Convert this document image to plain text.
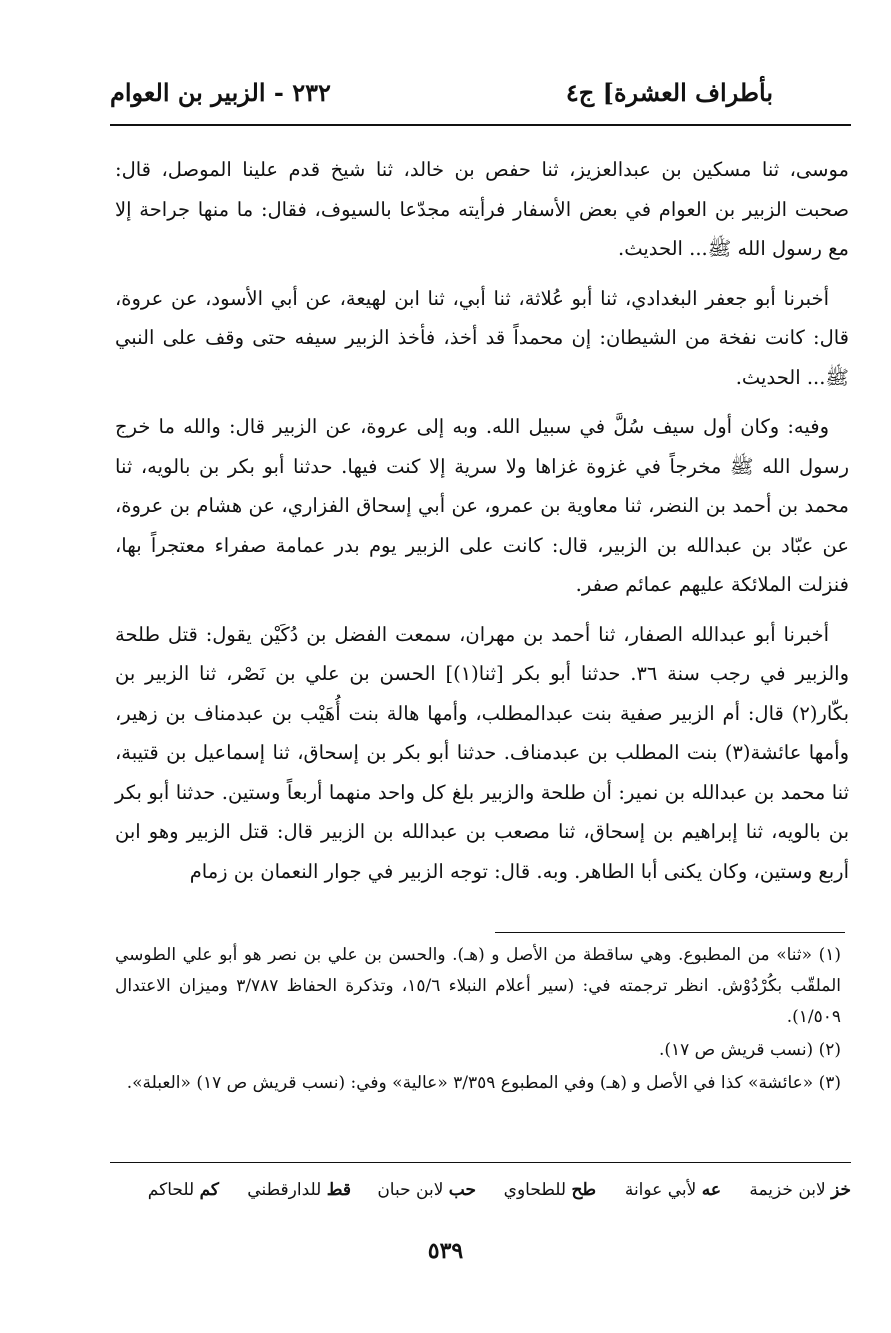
بأطراف العشرة] ج٤
٢٣٢ - الزبير بن العوام

موسى، ثنا مسكين بن عبدالعزيز، ثنا حفص بن خالد، ثنا شيخ قدم علينا الموصل، قال: صحبت الزبير بن العوام في بعض الأسفار فرأيته مجدّعا بالسيوف، فقال: ما منها جراحة إلا مع رسول الله ﷺ... الحديث.

أخبرنا أبو جعفر البغدادي، ثنا أبو عُلاثة، ثنا أبي، ثنا ابن لهيعة، عن أبي الأسود، عن عروة، قال: كانت نفخة من الشيطان: إن محمداً قد أخذ، فأخذ الزبير سيفه حتى وقف على النبي ﷺ... الحديث.

وفيه: وكان أول سيف سُلَّ في سبيل الله. وبه إلى عروة، عن الزبير قال: والله ما خرج رسول الله ﷺ مخرجاً في غزوة غزاها ولا سرية إلا كنت فيها. حدثنا أبو بكر بن بالويه، ثنا محمد بن أحمد بن النضر، ثنا معاوية بن عمرو، عن أبي إسحاق الفزاري، عن هشام بن عروة، عن عبّاد بن عبدالله بن الزبير، قال: كانت على الزبير يوم بدر عمامة صفراء معتجراً بها، فنزلت الملائكة عليهم عمائم صفر.

أخبرنا أبو عبدالله الصفار، ثنا أحمد بن مهران، سمعت الفضل بن دُكَيْن يقول: قتل طلحة والزبير في رجب سنة ٣٦. حدثنا أبو بكر [ثنا(١)] الحسن بن علي بن نَصْر، ثنا الزبير بن بكّار(٢) قال: أم الزبير صفية بنت عبدالمطلب، وأمها هالة بنت أُهَيْب بن عبدمناف بن زهير، وأمها عائشة(٣) بنت المطلب بن عبدمناف. حدثنا أبو بكر بن إسحاق، ثنا إسماعيل بن قتيبة، ثنا محمد بن عبدالله بن نمير: أن طلحة والزبير بلغ كل واحد منهما أربعاً وستين. حدثنا أبو بكر بن بالويه، ثنا إبراهيم بن إسحاق، ثنا مصعب بن عبدالله بن الزبير قال: قتل الزبير وهو ابن أربع وستين، وكان يكنى أبا الطاهر. وبه. قال: توجه الزبير في جوار النعمان بن زمام

(١) «ثنا» من المطبوع. وهي ساقطة من الأصل و (هـ). والحسن بن علي بن نصر هو أبو علي الطوسي الملقّب بكُرْدُوْش. انظر ترجمته في: (سير أعلام النبلاء ١٥/٦، وتذكرة الحفاظ ٣/٧٨٧ وميزان الاعتدال ١/٥٠٩).

(٢) (نسب قريش ص ١٧).

(٣) «عائشة» كذا في الأصل و (هـ) وفي المطبوع ٣/٣٥٩ «عالية» وفي: (نسب قريش ص ١٧) «العبلة».

خز لابن خزيمة
عه لأبي عوانة
طح للطحاوي
حب لابن حبان
قط للدارقطني
كم للحاكم
٥٣٩
